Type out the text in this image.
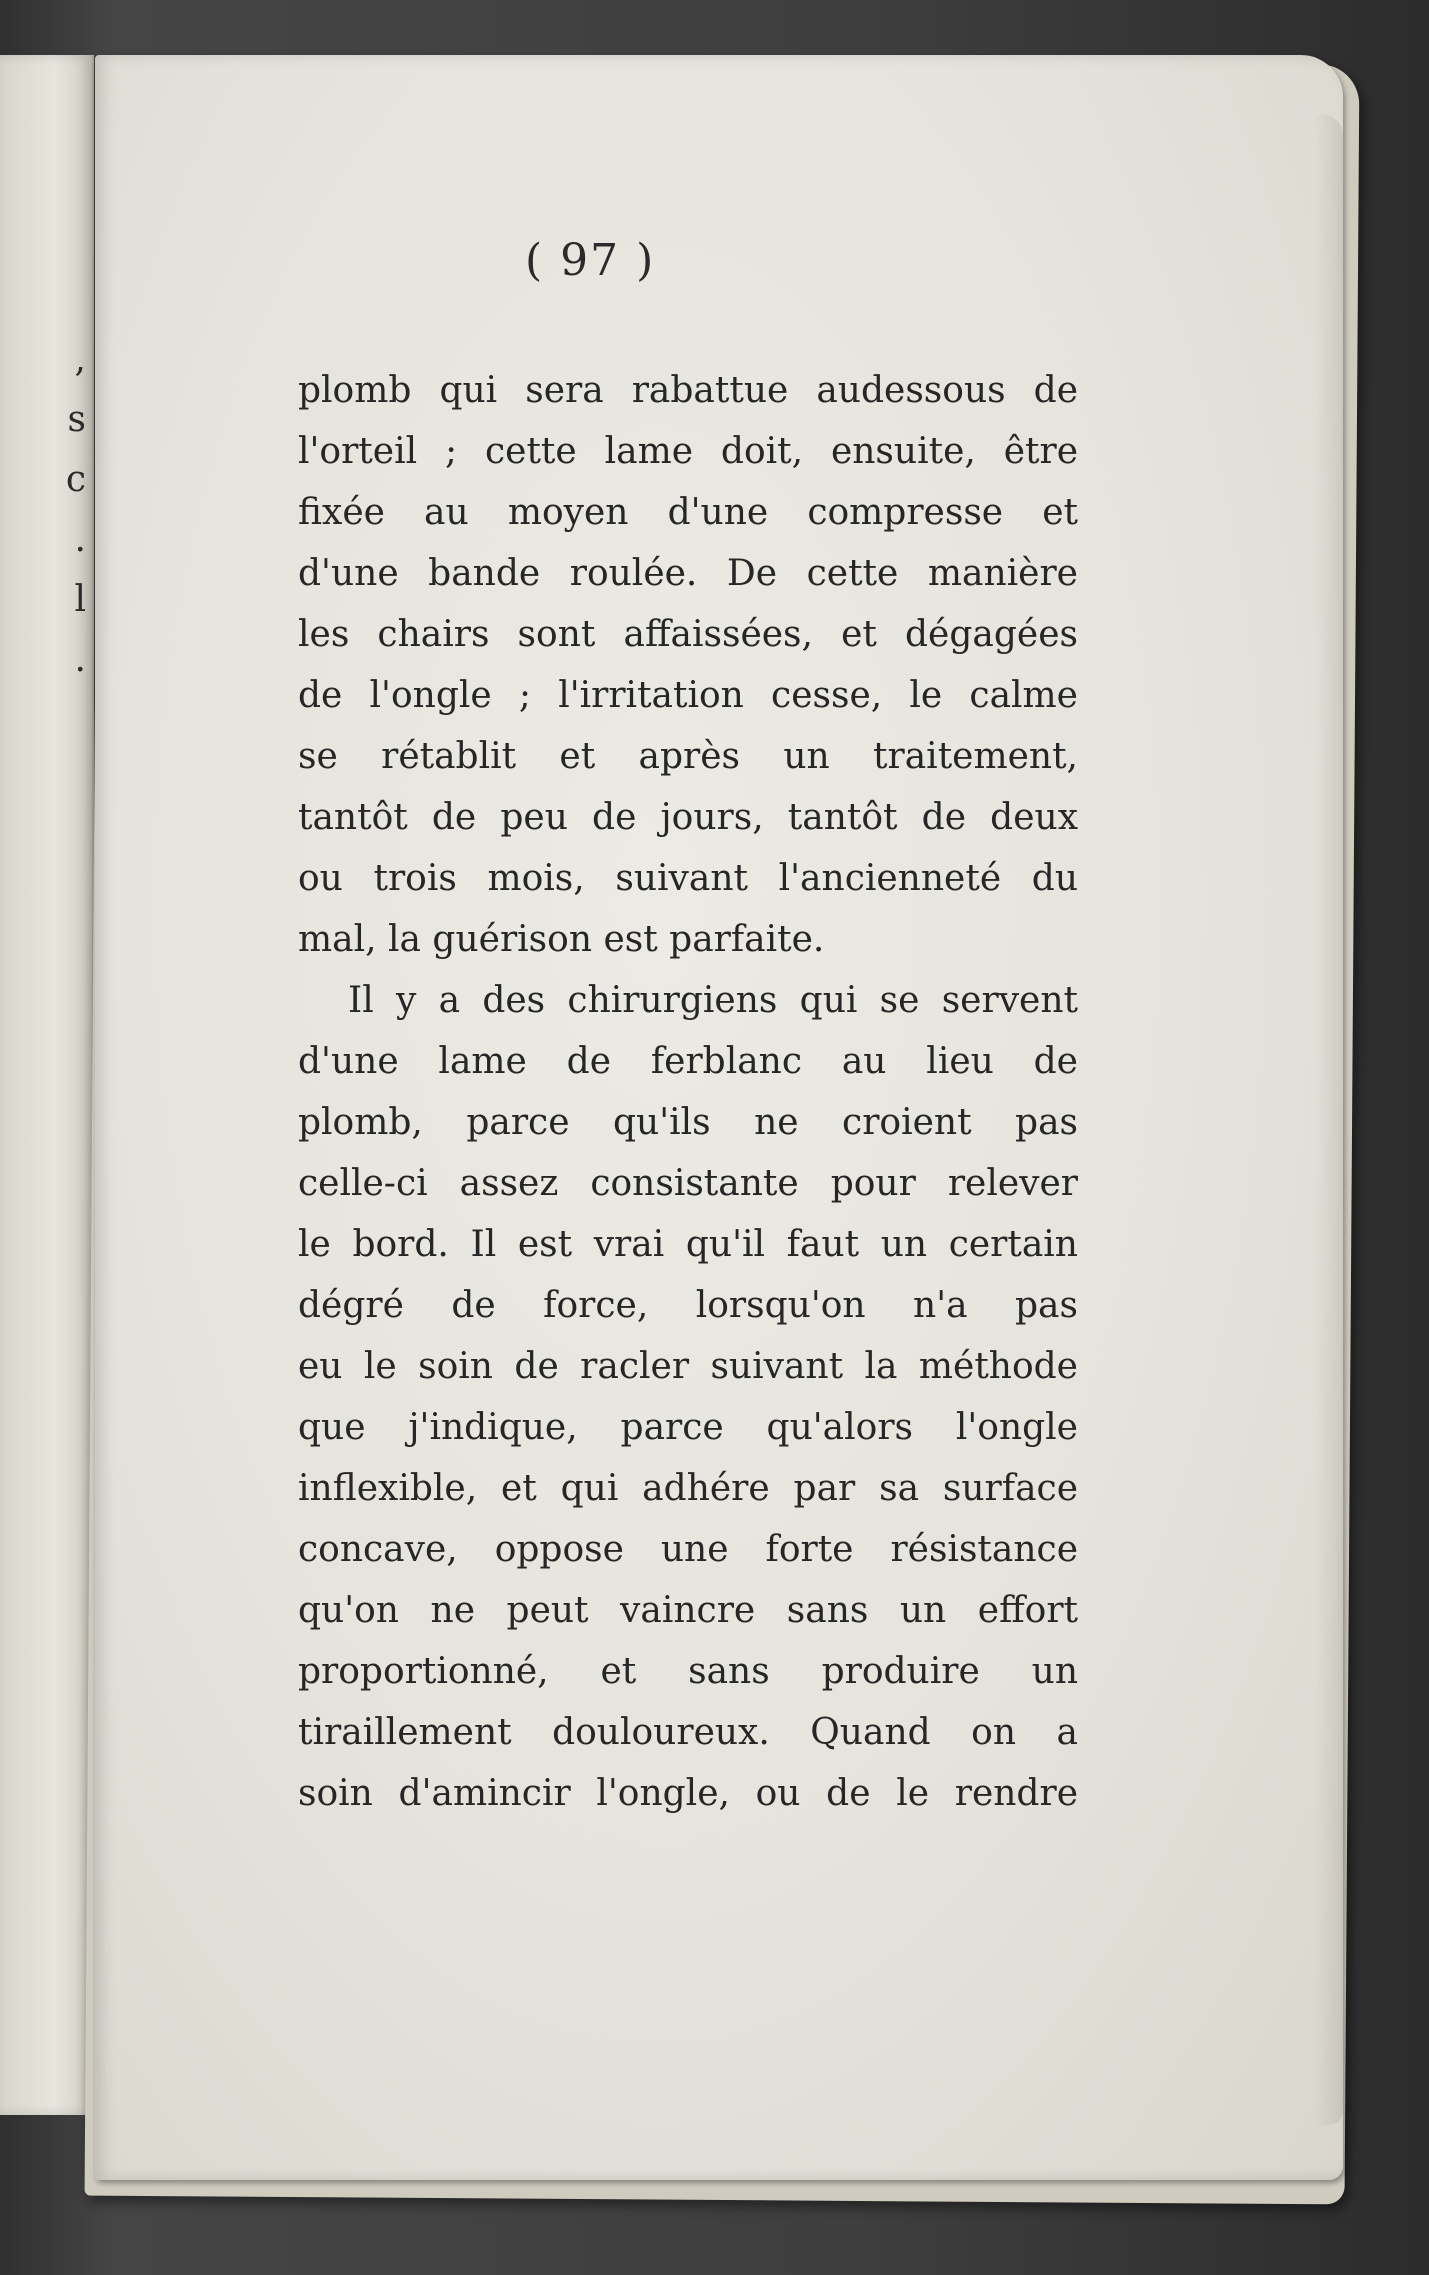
,
s
c
.
l
.
( 97 )
plomb qui sera rabattue audessous de
l'orteil ; cette lame doit, ensuite, être
fixée au moyen d'une compresse et
d'une bande roulée. De cette manière
les chairs sont affaissées, et dégagées
de l'ongle ; l'irritation cesse, le calme
se rétablit et après un traitement,
tantôt de peu de jours, tantôt de deux
ou trois mois, suivant l'ancienneté du
mal, la guérison est parfaite.
Il y a des chirurgiens qui se servent
d'une lame de ferblanc au lieu de
plomb, parce qu'ils ne croient pas
celle-ci assez consistante pour relever
le bord. Il est vrai qu'il faut un certain
dégré de force, lorsqu'on n'a pas
eu le soin de racler suivant la méthode
que j'indique, parce qu'alors l'ongle
inflexible, et qui adhére par sa surface
concave, oppose une forte résistance
qu'on ne peut vaincre sans un effort
proportionné, et sans produire un
tiraillement douloureux. Quand on a
soin d'amincir l'ongle, ou de le rendre
